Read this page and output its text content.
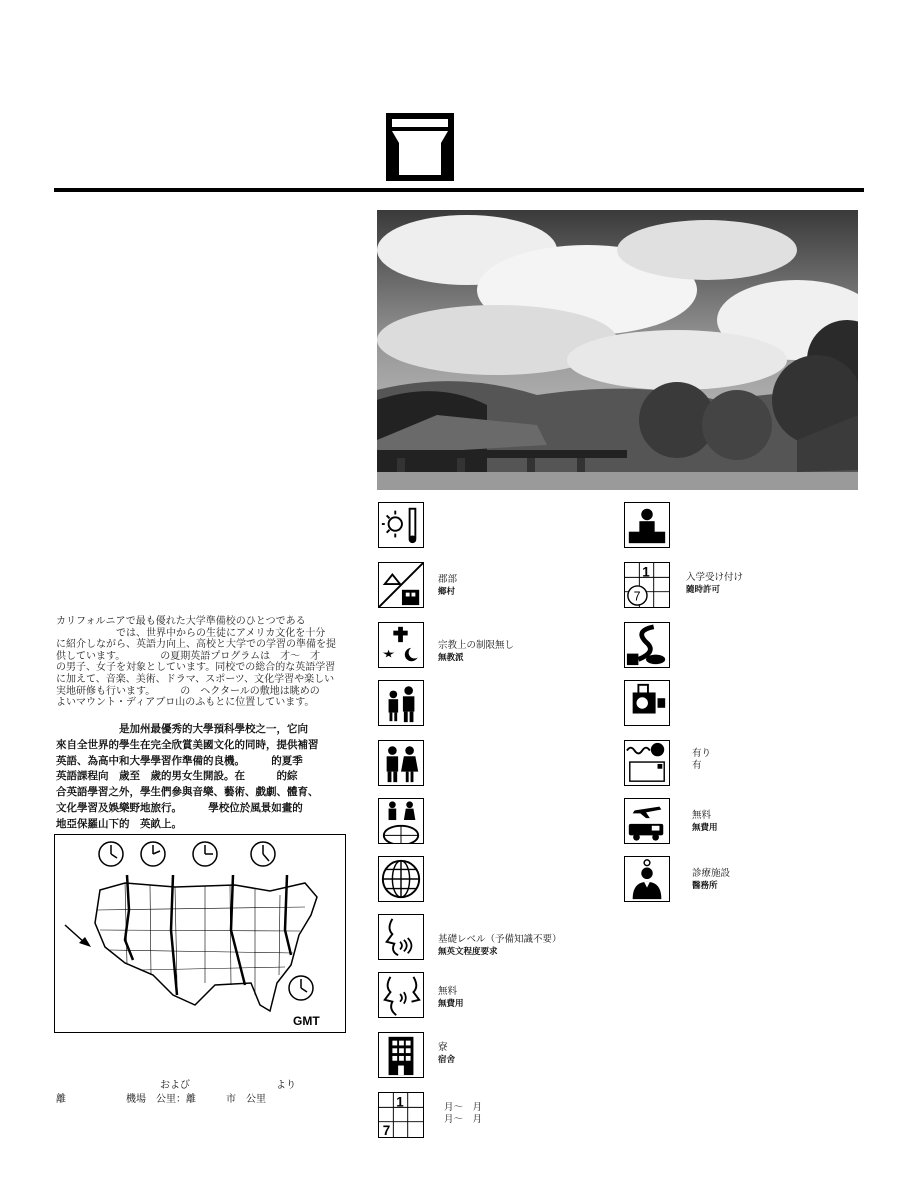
カリフォルニアで最も優れた大学準備校のひとつである
　　　　　　では、世界中からの生徒にアメリカ文化を十分
に紹介しながら、英語力向上、高校と大学での学習の準備を提
供しています。　　　　の夏期英語プログラムは　才～　才
の男子、女子を対象としています。同校での総合的な英語学習
に加えて、音楽、美術、ドラマ、スポーツ、文化学習や楽しい
実地研修も行います。　　　の　ヘクタールの敷地は眺めの
よいマウント・ディアブロ山のふもとに位置しています。
　　　　　　是加州最優秀的大學預科學校之一，它向
來自全世界的學生在完全欣賞美國文化的同時，提供補習
英語、為高中和大學學習作準備的良機。　　　的夏季
英語課程向　歲至　歲的男女生開設。在　　　的綜
合英語學習之外，學生們參與音樂、藝術、戲劇、體育、
文化學習及娛樂野地旅行。　　　學校位於風景如畫的
地亞保羅山下的　英畝上。
GMT
および	より
離　　　　　　機場　公里：離　　　市　公里
郡部
鄉村
宗教上の制限無し
無教派
基礎レベル（予備知識不要）
無英文程度要求
無料
無費用
寮
宿舍
1
7
月～　月
月～　月
1
7
入学受け付け
隨時許可
有り
有
無料
無費用
診療施設
醫務所
